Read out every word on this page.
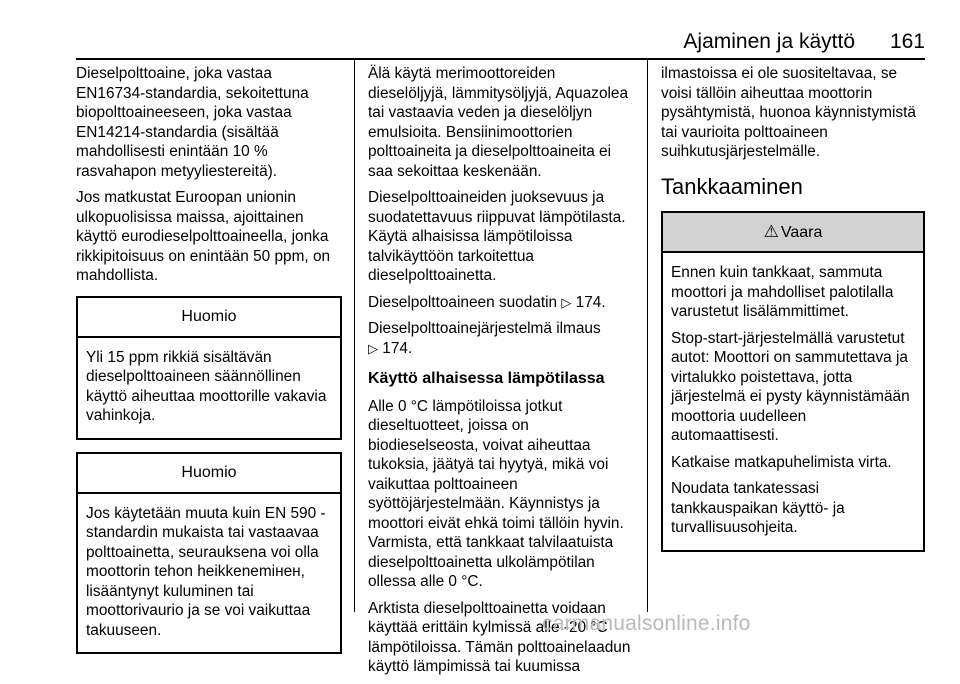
Ajaminen ja käyttö 161

Dieselpolttoaine, joka vastaa EN16734-standardia, sekoitettuna biopolttoaineeseen, joka vastaa EN14214-standardia (sisältää mahdollisesti enintään 10 % rasvahapon metyyliestereitä).

Jos matkustat Euroopan unionin ulkopuolisissa maissa, ajoittainen käyttö eurodieselpolttoaineella, jonka rikkipitoisuus on enintään 50 ppm, on mahdollista.

Huomio

Yli 15 ppm rikkiä sisältävän dieselpolttoaineen säännöllinen käyttö aiheuttaa moottorille vakavia vahinkoja.

Huomio

Jos käytetään muuta kuin EN 590 -standardin mukaista tai vastaavaa polttoainetta, seurauksena voi olla moottorin tehon heikkenemінен, lisääntynyt kuluminen tai moottorivaurio ja se voi vaikuttaa takuuseen.

Älä käytä merimoottoreiden dieselöljyjä, lämmitysöljyjä, Aquazolea tai vastaavia veden ja dieselöljyn emulsioita. Bensiinimoottorien polttoaineita ja dieselpolttoaineita ei saa sekoittaa keskenään.

Dieselpolttoaineiden juoksevuus ja suodatettavuus riippuvat lämpötilasta. Käytä alhaisissa lämpötiloissa talvikäyttöön tarkoitettua dieselpolttoainetta.

Dieselpolttoaineen suodatin ▷ 174.

Dieselpolttoainejärjestelmä ilmaus
▷ 174.

Käyttö alhaisessa lämpötilassa

Alle 0 °C lämpötiloissa jotkut dieseltuotteet, joissa on biodieselseosta, voivat aiheuttaa tukoksia, jäätyä tai hyytyä, mikä voi vaikuttaa polttoaineen syöttöjärjestelmään. Käynnistys ja moottori eivät ehkä toimi tällöin hyvin. Varmista, että tankkaat talvilaatuista dieselpolttoainetta ulkolämpötilan ollessa alle 0 °C.

Arktista dieselpolttoainetta voidaan käyttää erittäin kylmissä alle -20 °C lämpötiloissa. Tämän polttoainelaadun käyttö lämpimissä tai kuumissa

ilmastoissa ei ole suositeltavaa, se voisi tällöin aiheuttaa moottorin pysähtymistä, huonoa käynnistymistä tai vaurioita polttoaineen suihkutusjärjestelmälle.

Tankkaaminen
⚠ Vaara

Ennen kuin tankkaat, sammuta moottori ja mahdolliset palotilalla varustetut lisälämmittimet.

Stop-start-järjestelmällä varustetut autot: Moottori on sammutettava ja virtalukko poistettava, jotta järjestelmä ei pysty käynnistämään moottoria uudelleen automaattisesti.

Katkaise matkapuhelimista virta.

Noudata tankatessasi tankkauspaikan käyttö- ja turvallisuusohjeita.

carmanualsonline.info
